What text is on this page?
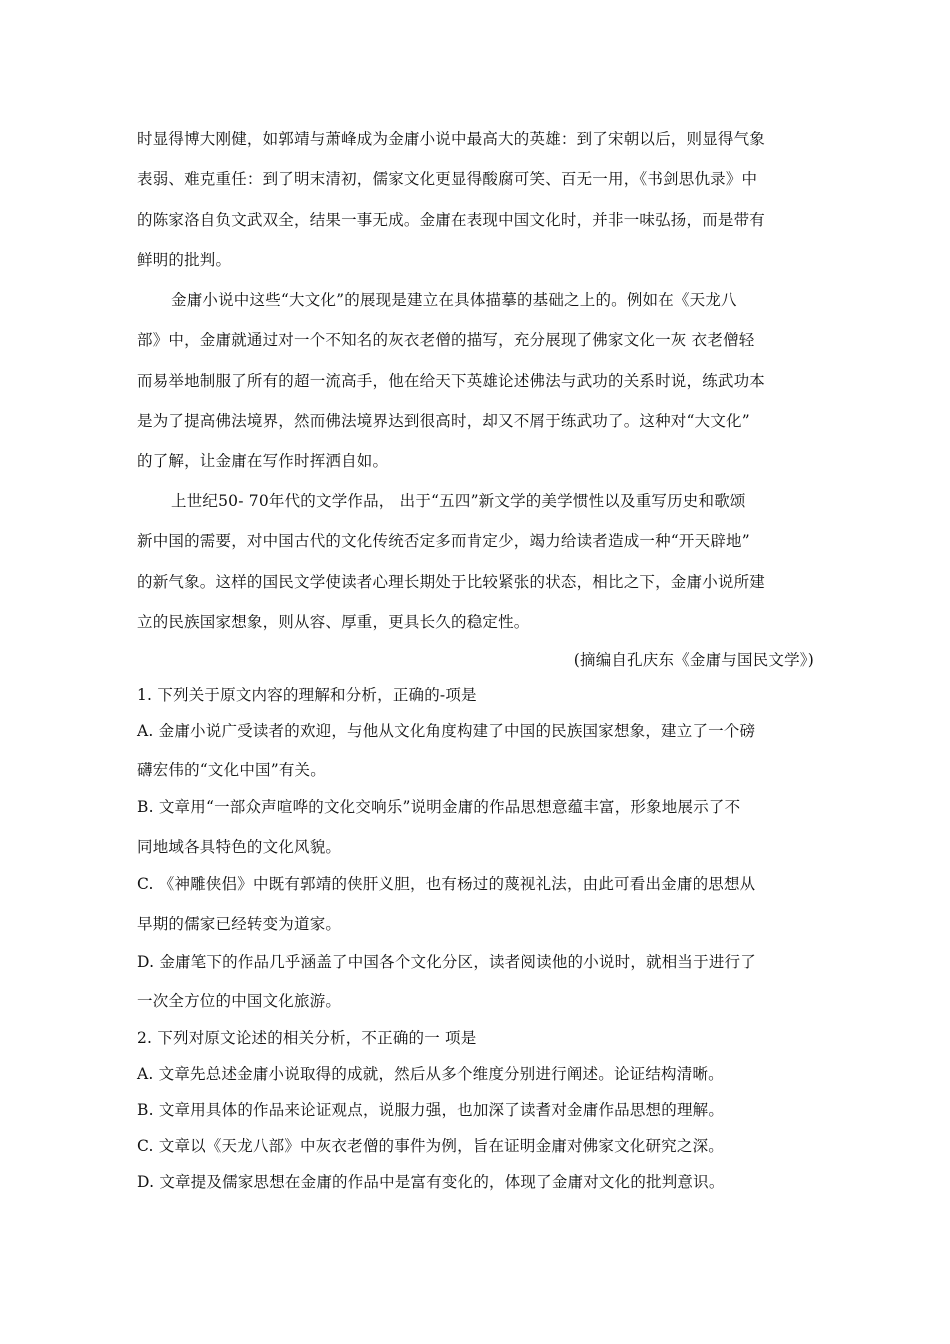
时显得博大刚健，如郭靖与萧峰成为金庸小说中最高大的英雄：到了宋朝以后，则显得气象
表弱、难克重任：到了明末清初，儒家文化更显得酸腐可笑、百无一用，《书剑思仇录》中
的陈家洛自负文武双全，结果一事无成。金庸在表现中国文化时，并非一味弘扬，而是带有
鲜明的批判。
金庸小说中这些“大文化”的展现是建立在具体描摹的基础之上的。例如在《天龙八
部》中，金庸就通过对一个不知名的灰衣老僧的描写，充分展现了佛家文化一灰 衣老僧轻
而易举地制服了所有的超一流高手，他在给天下英雄论述佛法与武功的关系时说，练武功本
是为了提高佛法境界，然而佛法境界达到很高时，却又不屑于练武功了。这种对“大文化”
的了解，让金庸在写作时挥洒自如。
上世纪50- 70年代的文学作品， 出于“五四”新文学的美学惯性以及重写历史和歌颂
新中国的需要，对中国古代的文化传统否定多而肯定少，竭力给读者造成一种“开天辟地”
的新气象。这样的国民文学使读者心理长期处于比较紧张的状态，相比之下，金庸小说所建
立的民族国家想象，则从容、厚重，更具长久的稳定性。
(摘编自孔庆东《金庸与国民文学》)
1. 下列关于原文内容的理解和分析，正确的-项是
A. 金庸小说广受读者的欢迎，与他从文化角度构建了中国的民族国家想象，建立了一个磅
礴宏伟的“文化中国”有关。
B. 文章用“一部众声喧哗的文化交响乐”说明金庸的作品思想意蕴丰富，形象地展示了不
同地域各具特色的文化风貌。
C. 《神雕侠侣》中既有郭靖的侠肝义胆，也有杨过的蔑视礼法，由此可看出金庸的思想从
早期的儒家已经转变为道家。
D. 金庸笔下的作品几乎涵盖了中国各个文化分区，读者阅读他的小说时，就相当于进行了
一次全方位的中国文化旅游。
2. 下列对原文论述的相关分析，不正确的一 项是
A. 文章先总述金庸小说取得的成就，然后从多个维度分别进行阐述。论证结构清晰。
B. 文章用具体的作品来论证观点，说服力强，也加深了读耆对金庸作品思想的理解。
C. 文章以《天龙八部》中灰衣老僧的事件为例，旨在证明金庸对佛家文化研究之深。
D. 文章提及儒家思想在金庸的作品中是富有变化的，体现了金庸对文化的批判意识。
